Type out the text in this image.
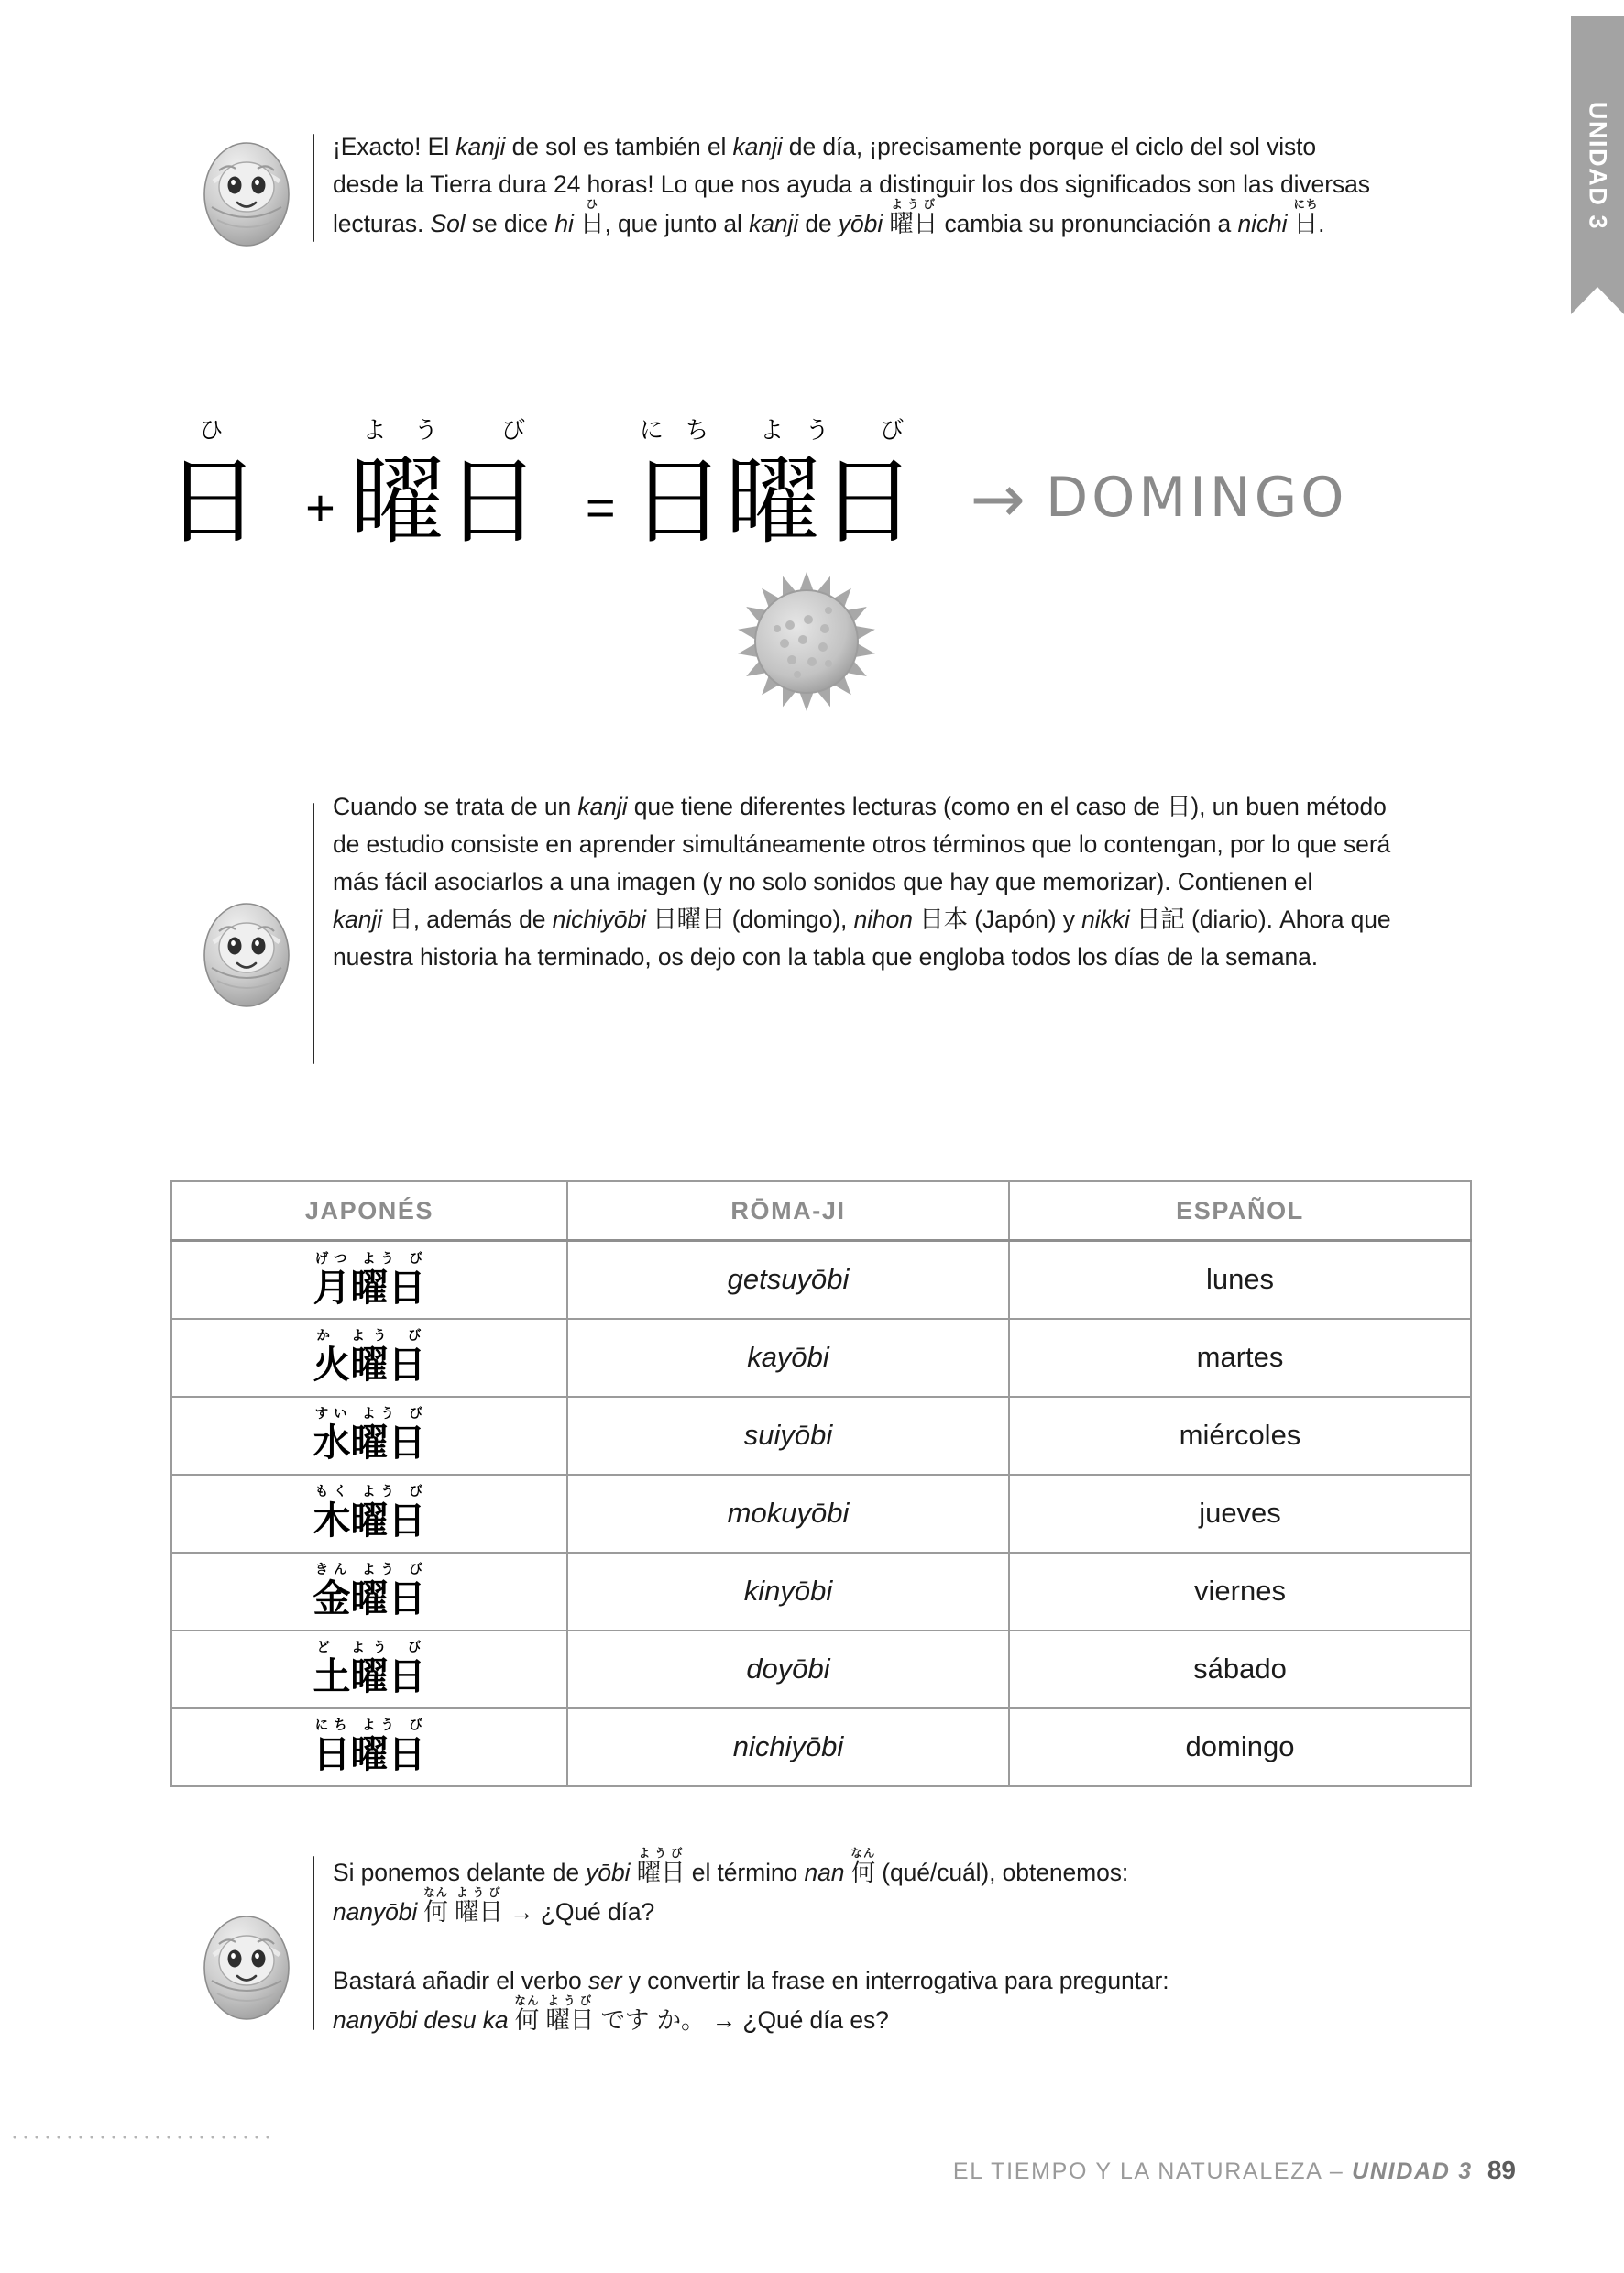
UNIDAD 3
¡Exacto! El kanji de sol es también el kanji de día, ¡precisamente porque el ciclo del sol visto desde la Tierra dura 24 horas! Lo que nos ayuda a distinguir los dos significados son las diversas lecturas. Sol se dice hi 日ひ, que junto al kanji de yōbi 曜日ようび cambia su pronunciación a nichi 日にち.
日 ひ
+ 曜日 よう び
= 日曜日 にち よう び
→ DOMINGO
Cuando se trata de un kanji que tiene diferentes lecturas (como en el caso de 日), un buen método de estudio consiste en aprender simultáneamente otros términos que lo contengan, por lo que será más fácil asociarlos a una imagen (y no solo sonidos que hay que memorizar). Contienen el kanji 日, además de nichiyōbi 日曜日 (domingo), nihon 日本 (Japón) y nikki 日記 (diario). Ahora que nuestra historia ha terminado, os dejo con la tabla que engloba todos los días de la semana.
JAPONÉS	RŌMA-JI	ESPAÑOL
月曜日げつ よう び	getsuyōbi	lunes
火曜日か よう び	kayōbi	martes
水曜日すい よう び	suiyōbi	miércoles
木曜日もく よう び	mokuyōbi	jueves
金曜日きん よう び	kinyōbi	viernes
土曜日ど よう び	doyōbi	sábado
日曜日にち よう び	nichiyōbi	domingo
Si ponemos delante de yōbi 曜日ようび el término nan 何なん (qué/cuál), obtenemos:
nanyōbi 何なん 曜日ようび → ¿Qué día?
Bastará añadir el verbo ser y convertir la frase en interrogativa para preguntar:
nanyōbi desu ka 何なん 曜日ようび です か。 → ¿Qué día es?
EL TIEMPO Y LA NATURALEZA – UNIDAD 3 89
